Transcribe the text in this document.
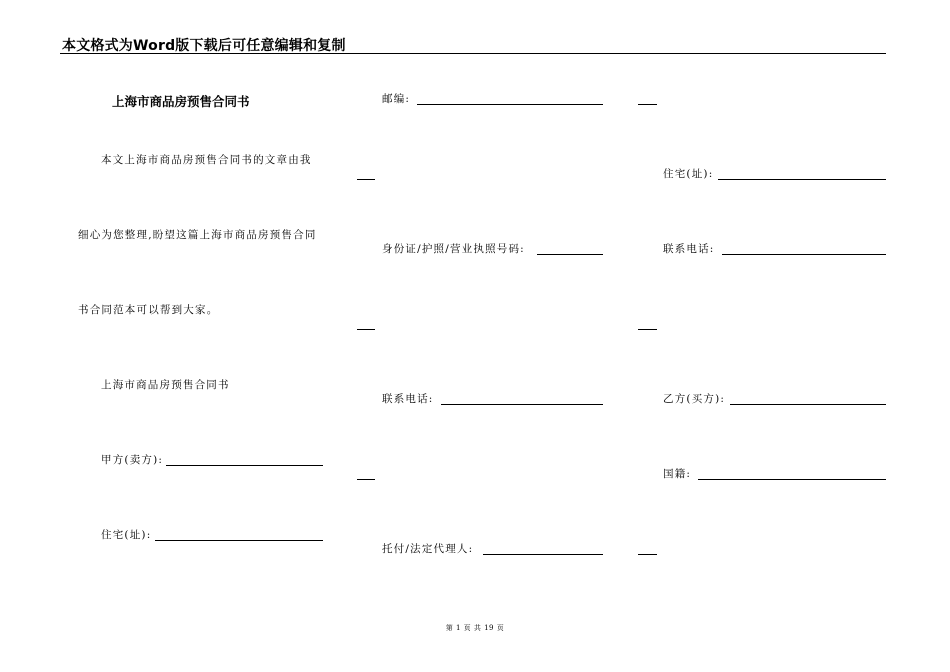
本文格式为Word版下载后可任意编辑和复制
上海市商品房预售合同书
本文上海市商品房预售合同书的文章由我
细心为您整理,盼望这篇上海市商品房预售合同
书合同范本可以帮到大家。
上海市商品房预售合同书
甲方(卖方):
住宅(址):
邮编:
身份证/护照/营业执照号码:
联系电话:
托付/法定代理人:
住宅(址):
联系电话:
乙方(买方):
国籍:
第 1 页 共 19 页
